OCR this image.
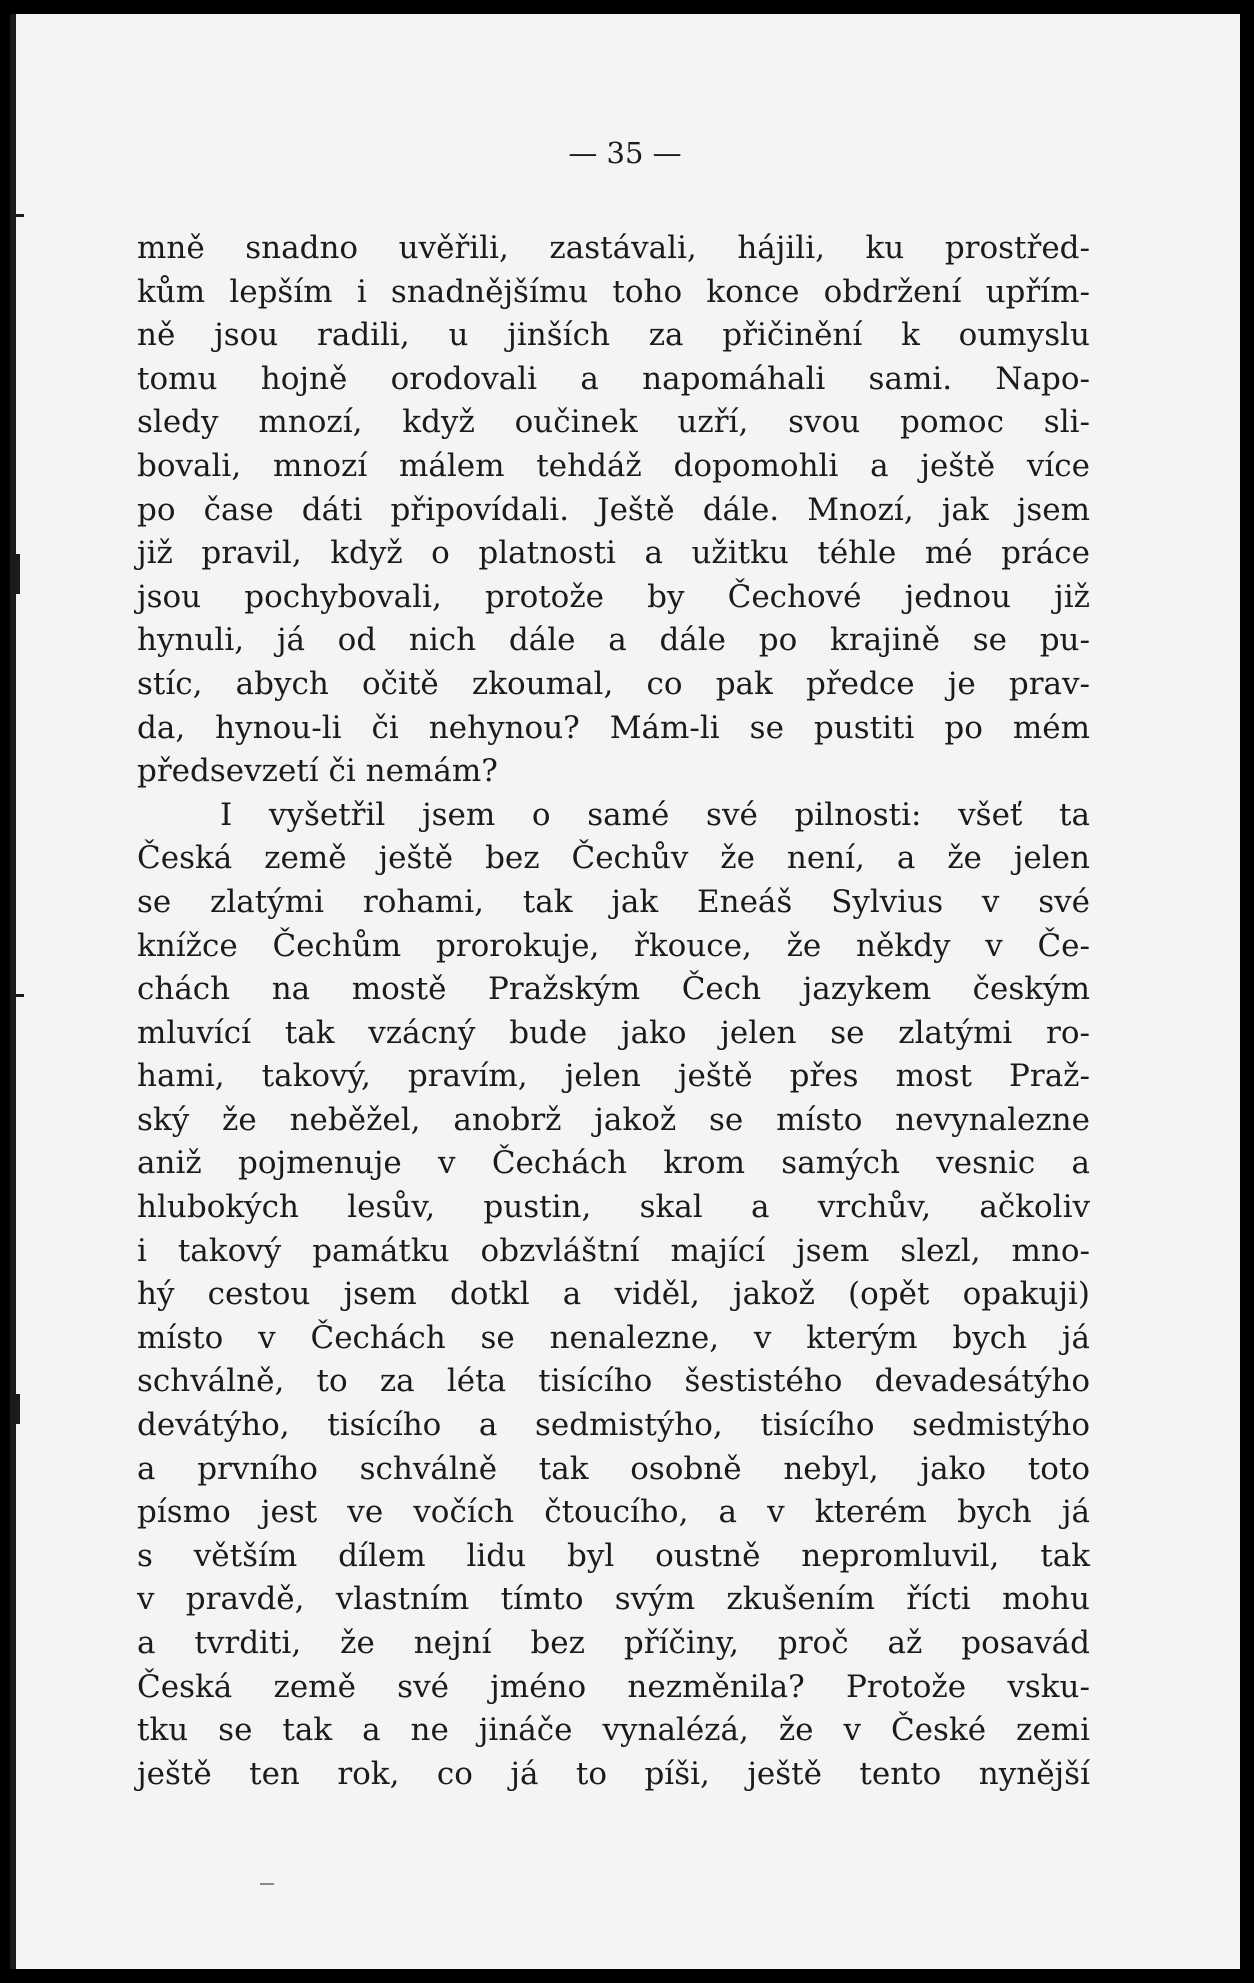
— 35 —
mně snadno uvěřili, zastávali, hájili, ku prostřed-
kům lepším i snadnějšímu toho konce obdržení upřím-
ně jsou radili, u jinších za přičinění k oumyslu
tomu hojně orodovali a napomáhali sami. Napo-
sledy mnozí, když oučinek uzří, svou pomoc sli-
bovali, mnozí málem tehdáž dopomohli a ještě více
po čase dáti připovídali. Ještě dále. Mnozí, jak jsem
již pravil, když o platnosti a užitku téhle mé práce
jsou pochybovali, protože by Čechové jednou již
hynuli, já od nich dále a dále po krajině se pu-
stíc, abych očitě zkoumal, co pak předce je prav-
da, hynou-li či nehynou? Mám-li se pustiti po mém
předsevzetí či nemám?
I vyšetřil jsem o samé své pilnosti: všeť ta
Česká země ještě bez Čechův že není, a že jelen
se zlatými rohami, tak jak Eneáš Sylvius v své
knížce Čechům prorokuje, řkouce, že někdy v Če-
chách na mostě Pražským Čech jazykem českým
mluvící tak vzácný bude jako jelen se zlatými ro-
hami, takový, pravím, jelen ještě přes most Praž-
ský že neběžel, anobrž jakož se místo nevynalezne
aniž pojmenuje v Čechách krom samých vesnic a
hlubokých lesův, pustin, skal a vrchův, ačkoliv
i takový památku obzvláštní mající jsem slezl, mno-
hý cestou jsem dotkl a viděl, jakož (opět opakuji)
místo v Čechách se nenalezne, v kterým bych já
schválně, to za léta tisícího šestistého devadesátýho
devátýho, tisícího a sedmistýho, tisícího sedmistýho
a prvního schválně tak osobně nebyl, jako toto
písmo jest ve vočích čtoucího, a v kterém bych já
s větším dílem lidu byl oustně nepromluvil, tak
v pravdě, vlastním tímto svým zkušením řícti mohu
a tvrditi, že nejní bez příčiny, proč až posavád
Česká země své jméno nezměnila? Protože vsku-
tku se tak a ne jináče vynalézá, že v České zemi
ještě ten rok, co já to píši, ještě tento nynější
